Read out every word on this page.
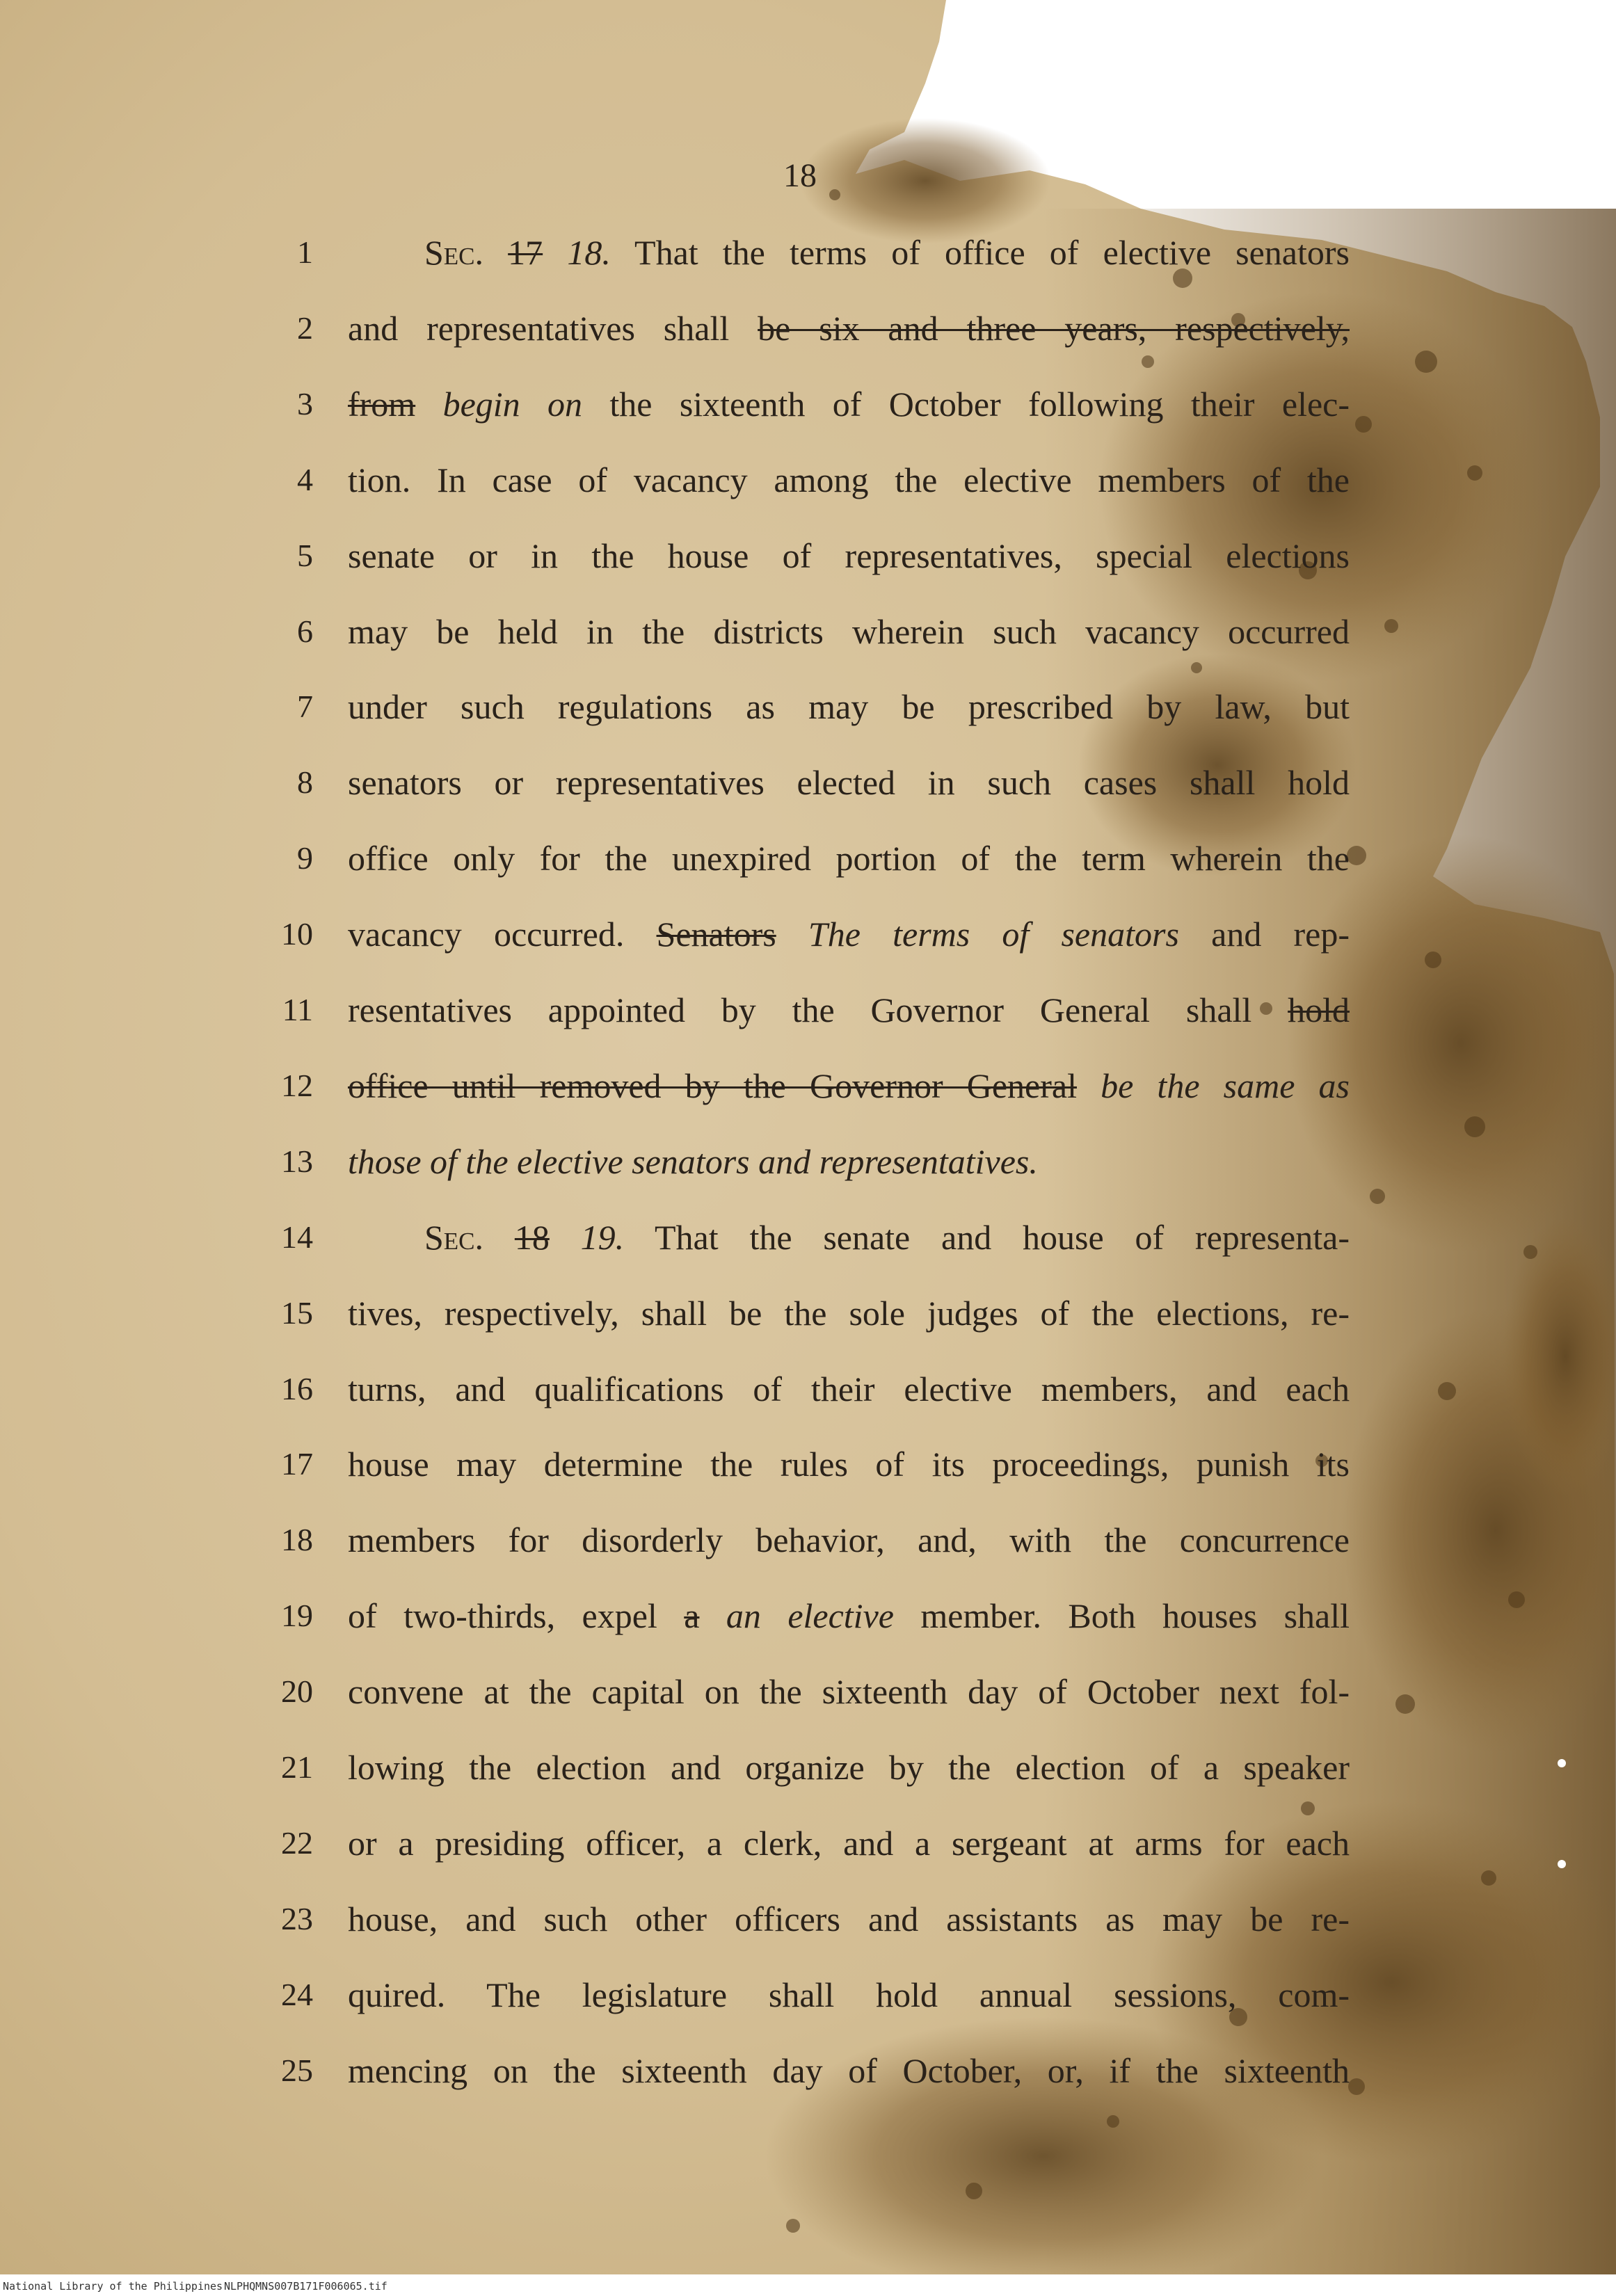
18
1	Sec. 17 18. That the terms of office of elective senators
2 and representatives shall be six and three years, respectively,
3 from begin on the sixteenth of October following their elec-
4 tion. In case of vacancy among the elective members of the
5 senate or in the house of representatives, special elections
6 may be held in the districts wherein such vacancy occurred
7 under such regulations as may be prescribed by law, but
8 senators or representatives elected in such cases shall hold
9 office only for the unexpired portion of the term wherein the
10 vacancy occurred. Senators The terms of senators and rep-
11 resentatives appointed by the Governor General shall hold
12 office until removed by the Governor General be the same as
13 those of the elective senators and representatives.
14	Sec. 18 19. That the senate and house of representa-
15 tives, respectively, shall be the sole judges of the elections, re-
16 turns, and qualifications of their elective members, and each
17 house may determine the rules of its proceedings, punish its
18 members for disorderly behavior, and, with the concurrence
19 of two-thirds, expel a an elective member. Both houses shall
20 convene at the capital on the sixteenth day of October next fol-
21 lowing the election and organize by the election of a speaker
22 or a presiding officer, a clerk, and a sergeant at arms for each
23 house, and such other officers and assistants as may be re-
24 quired. The legislature shall hold annual sessions, com-
25 mencing on the sixteenth day of October, or, if the sixteenth
National Library of the Philippines NLPHQMNS007B171F006065.tif
